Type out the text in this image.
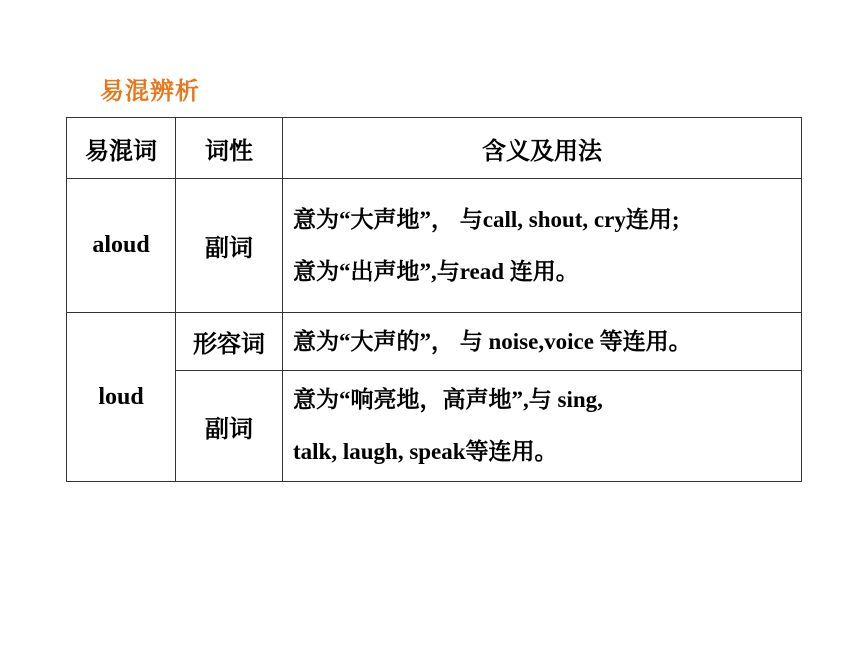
易混辨析
易混词	词性	含义及用法
aloud	副词	意为“大声地”， 与call, shout, cry连用;
意为“出声地”,与read 连用。

loud	形容词	意为“大声的”， 与 noise,voice 等连用。

	副词	意为“响亮地，高声地”,与 sing,
talk, laugh, speak等连用。
